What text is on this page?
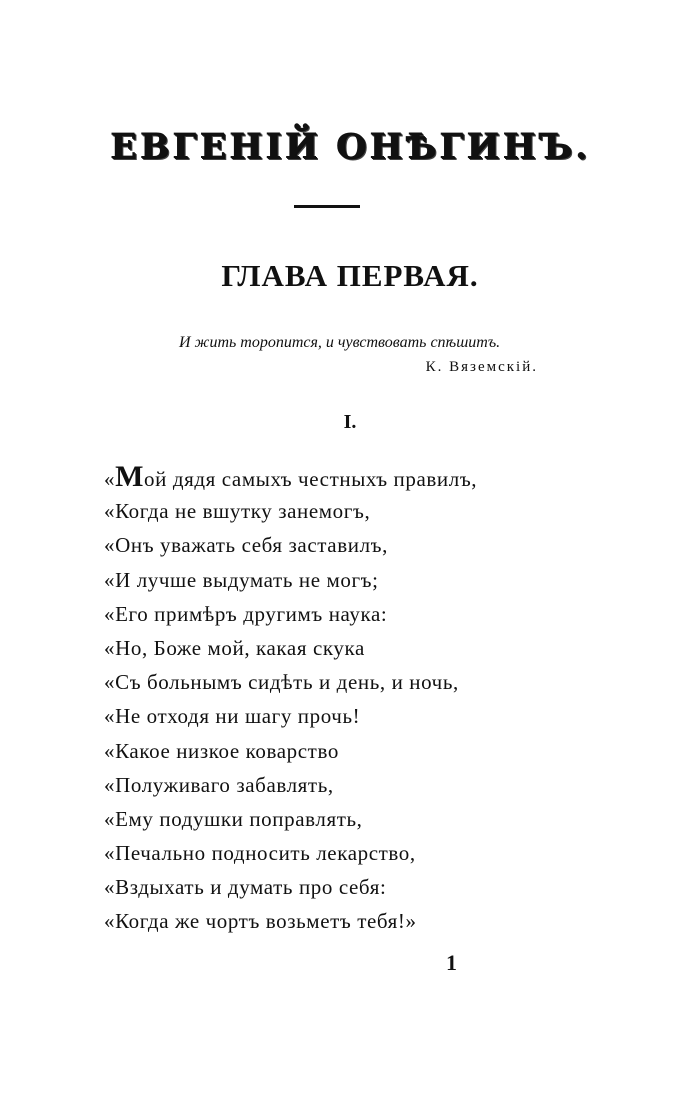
ЕВГЕНІЙ ОНѢГИНЪ.
ГЛАВА ПЕРВАЯ.
И жить торопится, и чувствовать спѣшитъ.
К. Вяземскій.
I.
«Мой дядя самыхъ честныхъ правилъ,
«Когда не вшутку занемогъ,
«Онъ уважать себя заставилъ,
«И лучше выдумать не могъ;
«Его примѣръ другимъ наука:
«Но, Боже мой, какая скука
«Съ больнымъ сидѣть и день, и ночь,
«Не отходя ни шагу прочь!
«Какое низкое коварство
«Полуживаго забавлять,
«Ему подушки поправлять,
«Печально подносить лекарство,
«Вздыхать и думать про себя:
«Когда же чортъ возьметъ тебя!»
1
